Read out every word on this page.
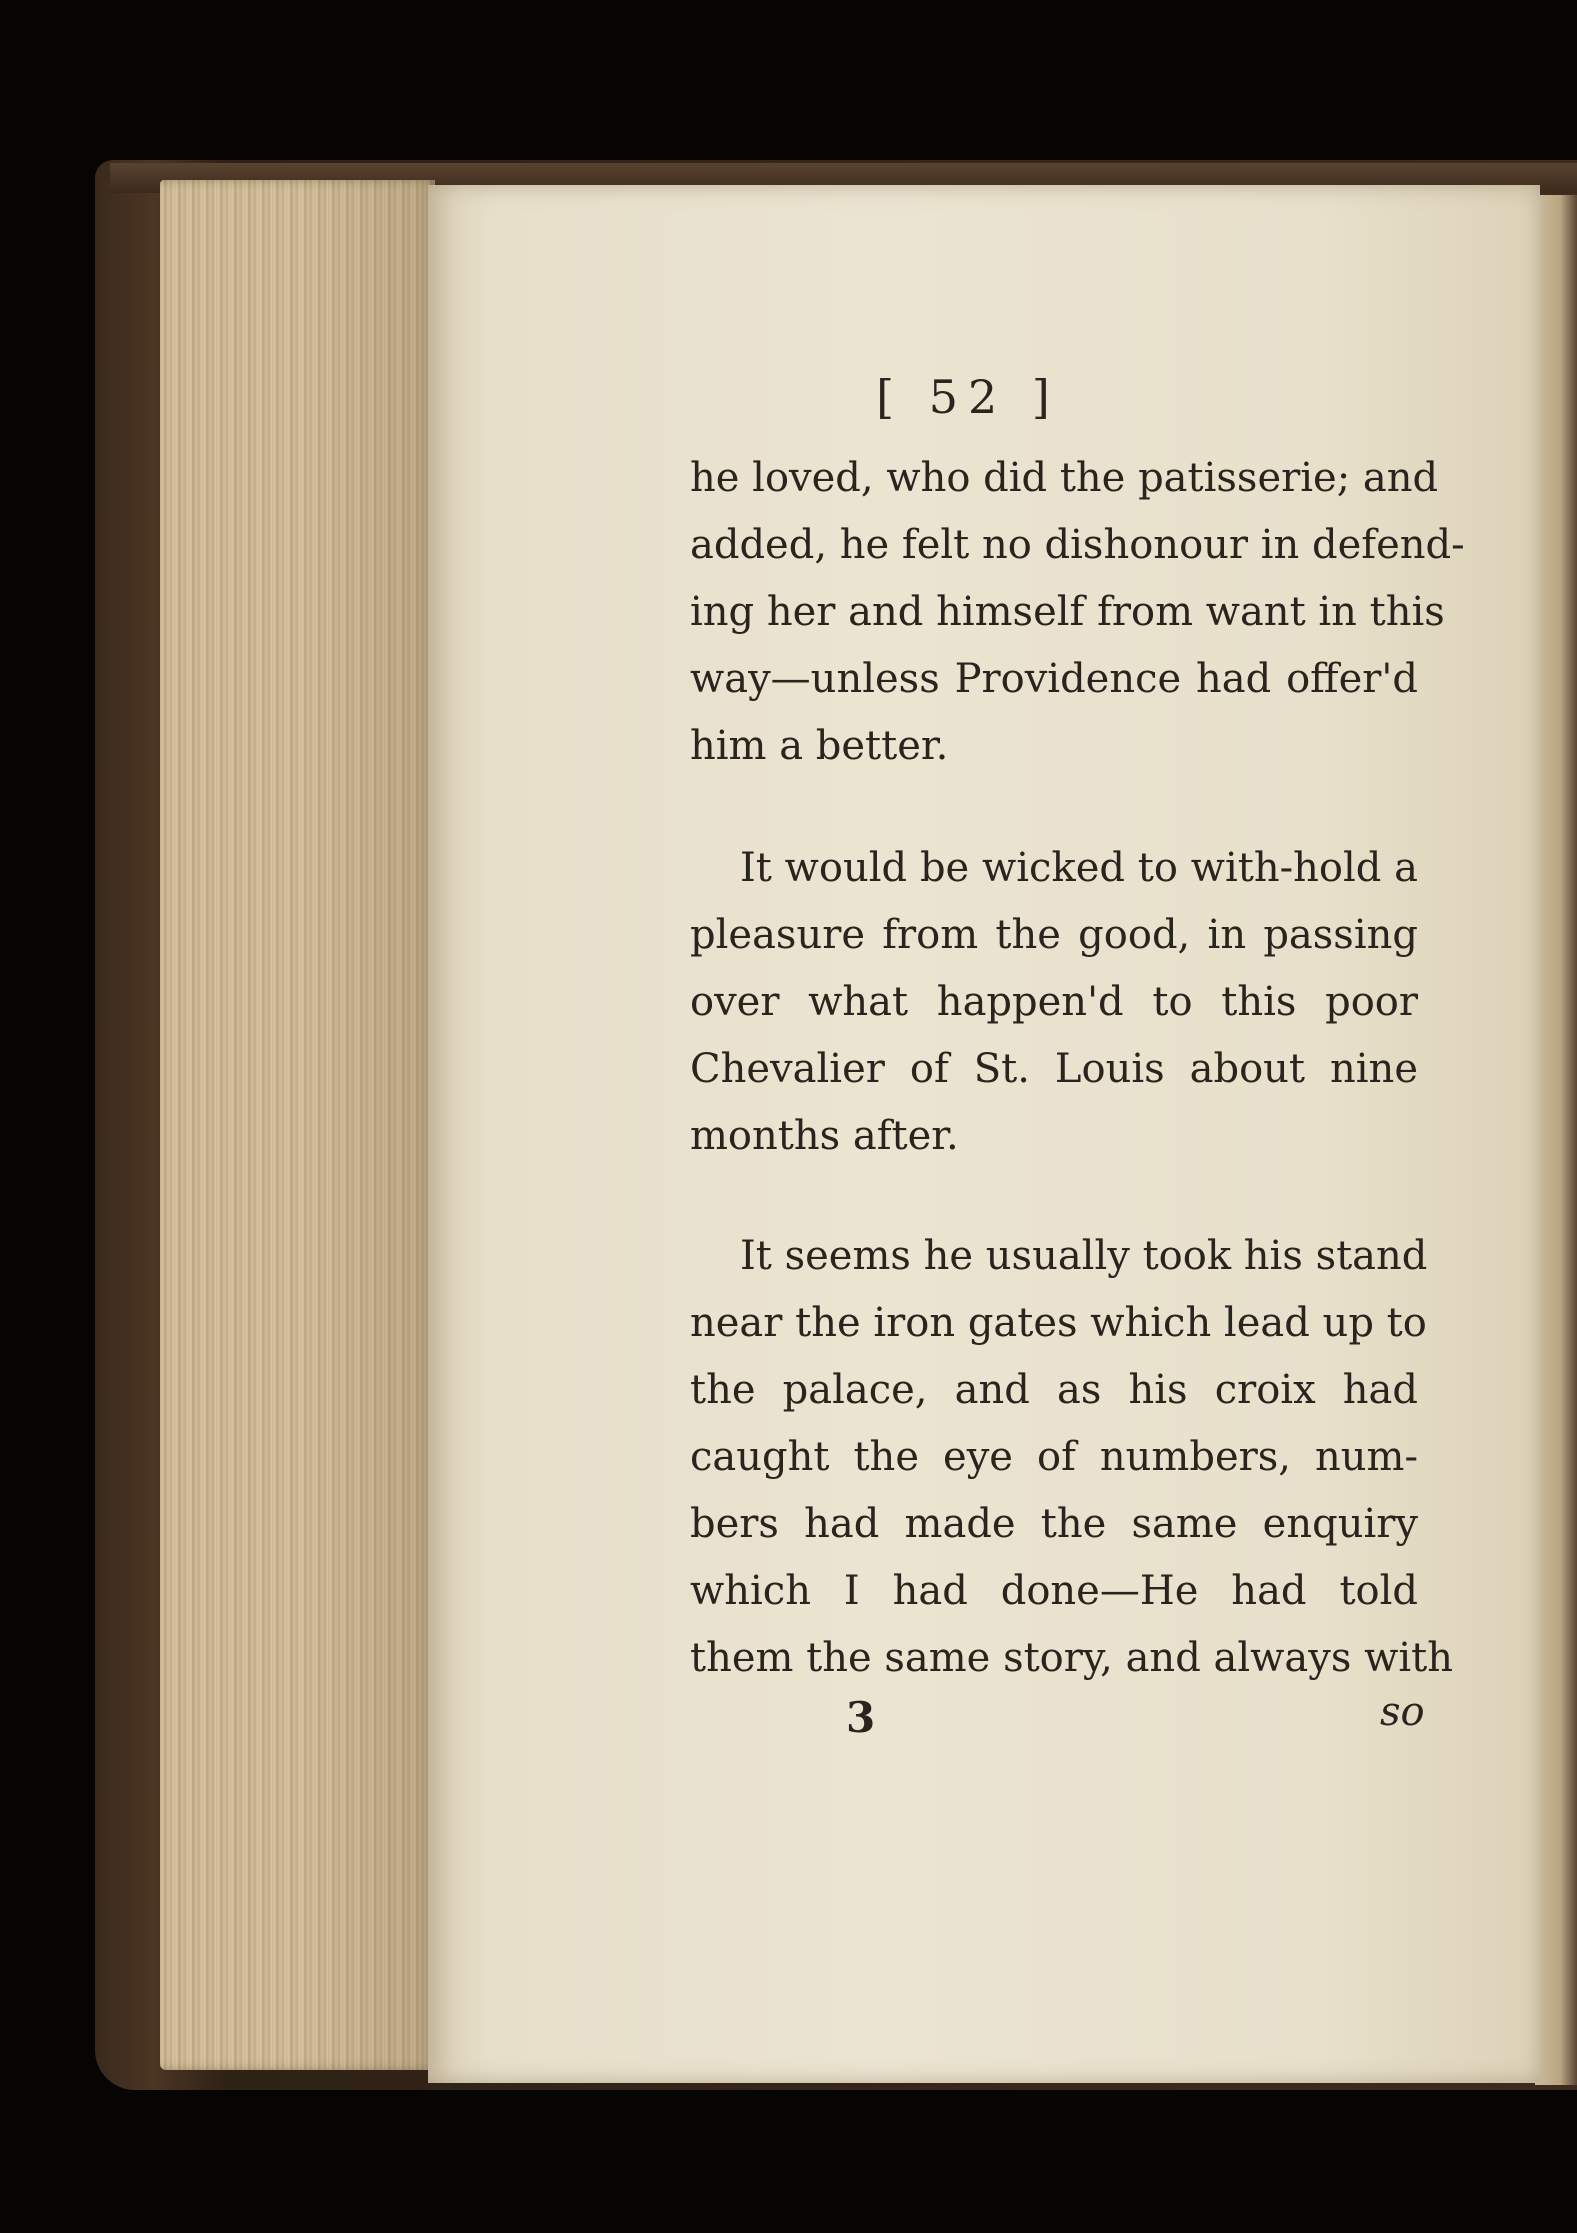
[ 52 ]
he loved, who did the patisserie; and
added, he felt no dishonour in defend-
ing her and himself from want in this
way—unless Providence had offer'd
him a better.
It would be wicked to with-hold a
pleasure from the good, in passing
over what happen'd to this poor
Chevalier of St. Louis about nine
months after.
It seems he usually took his stand
near the iron gates which lead up to
the palace, and as his croix had
caught the eye of numbers, num-
bers had made the same enquiry
which I had done—He had told
them the same story, and always with
3	so
